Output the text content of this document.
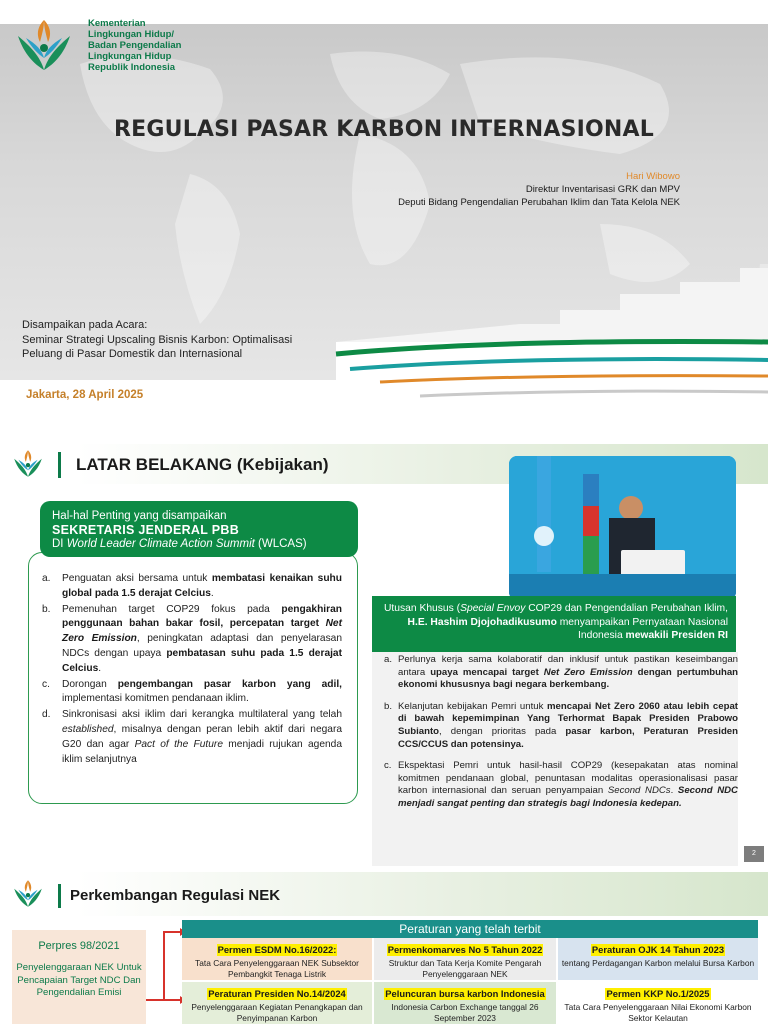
Kementerian
Lingkungan Hidup/
Badan Pengendalian
Lingkungan Hidup
Republik Indonesia
REGULASI PASAR KARBON INTERNASIONAL
Hari Wibowo
Direktur Inventarisasi GRK dan MPV
Deputi Bidang Pengendalian Perubahan Iklim dan Tata Kelola NEK
Disampaikan pada Acara:
Seminar Strategi Upscaling Bisnis Karbon: Optimalisasi
Peluang di Pasar Domestik dan Internasional
Jakarta, 28 April 2025
LATAR BELAKANG (Kebijakan)
Hal-hal Penting yang disampaikan
SEKRETARIS JENDERAL PBB
DI World Leader Climate Action Summit (WLCAS)
a.	Penguatan aksi bersama untuk membatasi kenaikan suhu global pada 1.5 derajat Celcius.
b.	Pemenuhan target COP29 fokus pada pengakhiran penggunaan bahan bakar fosil, percepatan target Net Zero Emission, peningkatan adaptasi dan penyelarasan NDCs dengan upaya pembatasan suhu pada 1.5 derajat Celcius.
c.	Dorongan pengembangan pasar karbon yang adil, implementasi komitmen pendanaan iklim.
d.	Sinkronisasi aksi iklim dari kerangka multilateral yang telah established, misalnya dengan peran lebih aktif dari negara G20 dan agar Pact of the Future menjadi rujukan agenda iklim selanjutnya
Utusan Khusus (Special Envoy COP29 dan Pengendalian Perubahan Iklim, H.E. Hashim Djojohadikusumo menyampaikan Pernyataan Nasional Indonesia mewakili Presiden RI
a. Perlunya kerja sama kolaboratif dan inklusif untuk pastikan keseimbangan antara upaya mencapai target Net Zero Emission dengan pertumbuhan ekonomi khususnya bagi negara berkembang.
b. Kelanjutan kebijakan Pemri untuk mencapai Net Zero 2060 atau lebih cepat di bawah kepemimpinan Yang Terhormat Bapak Presiden Prabowo Subianto, dengan prioritas pada pasar karbon, Peraturan Presiden CCS/CCUS dan potensinya.
c. Ekspektasi Pemri untuk hasil-hasil COP29 (kesepakatan atas nominal komitmen pendanaan global, penuntasan modalitas operasionalisasi pasar karbon internasional dan seruan penyampaian Second NDCs. Second NDC menjadi sangat penting dan strategis bagi Indonesia kedepan.
2
Perkembangan Regulasi NEK
Perpres 98/2021
Penyelenggaraan NEK Untuk Pencapaian Target NDC Dan Pengendalian Emisi
Peraturan yang telah terbit
Permen ESDM No.16/2022:
Tata Cara Penyelenggaraan NEK Subsektor Pembangkit Tenaga Listrik
Permenkomarves No 5 Tahun 2022
Struktur dan Tata Kerja Komite Pengarah Penyelenggaraan NEK
Peraturan OJK 14 Tahun 2023
tentang Perdagangan Karbon melalui Bursa Karbon
Peraturan Presiden No.14/2024
Penyelenggaraan Kegiatan Penangkapan dan Penyimpanan Karbon
Peluncuran bursa karbon Indonesia
Indonesia Carbon Exchange tanggal 26 September 2023
Permen KKP No.1/2025
Tata Cara Penyelenggaraan Nilai Ekonomi Karbon Sektor Kelautan
